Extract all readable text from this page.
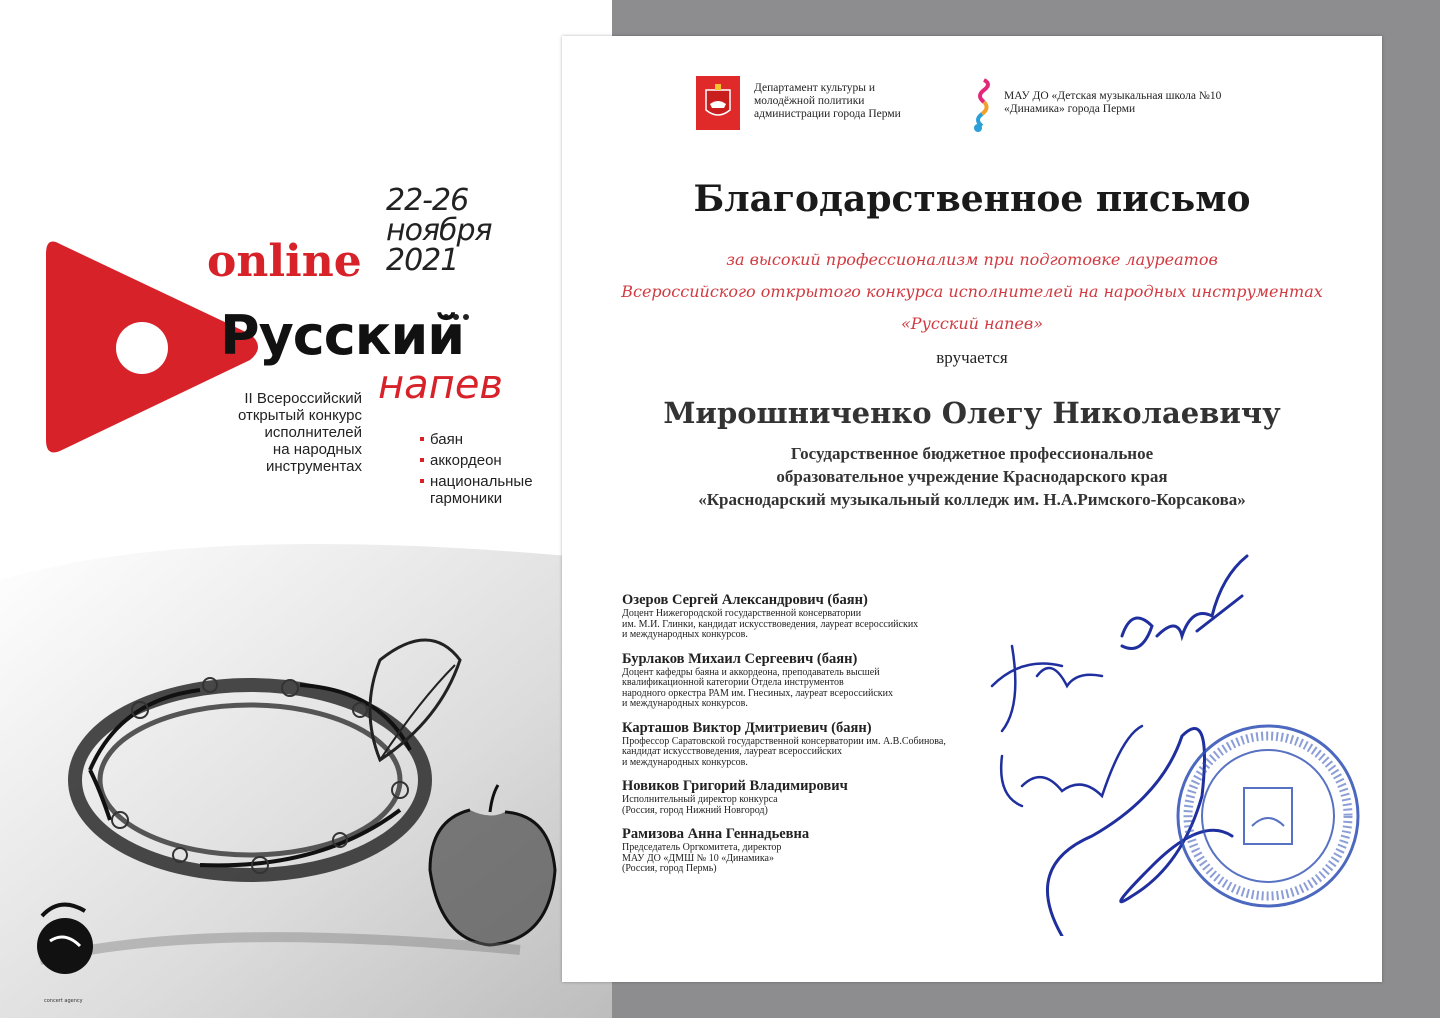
22-26
ноября
2021
online
Русский
напев
II Всероссийский
открытый конкурс
исполнителей
на народных
инструментах
баян
аккордеон
национальные гармоники
concert agency
Департамент культуры и
молодёжной политики
администрации города Перми
МАУ ДО «Детская музыкальная школа №10
«Динамика» города Перми
Благодарственное письмо
за высокий профессионализм при подготовке лауреатов
Всероссийского открытого конкурса исполнителей на народных инструментах
«Русский напев»
вручается
Мирошниченко Олегу Николаевичу
Государственное бюджетное профессиональное
образовательное учреждение Краснодарского края
«Краснодарский музыкальный колледж им. Н.А.Римского-Корсакова»
Озеров Сергей Александрович (баян)
Доцент Нижегородской государственной консерватории
им. М.И. Глинки, кандидат искусствоведения, лауреат всероссийских
и международных конкурсов.
Бурлаков Михаил Сергеевич (баян)
Доцент кафедры баяна и аккордеона, преподаватель высшей
квалификационной категории Отдела инструментов
народного оркестра РАМ им. Гнесиных, лауреат всероссийских
и международных конкурсов.
Карташов Виктор Дмитриевич (баян)
Профессор Саратовской государственной консерватории им. А.В.Собинова,
кандидат искусствоведения, лауреат всероссийских
и международных конкурсов.
Новиков Григорий Владимирович
Исполнительный директор конкурса
(Россия, город Нижний Новгород)
Рамизова Анна Геннадьевна
Председатель Оргкомитета, директор
МАУ ДО «ДМШ № 10 «Динамика»
(Россия, город Пермь)
